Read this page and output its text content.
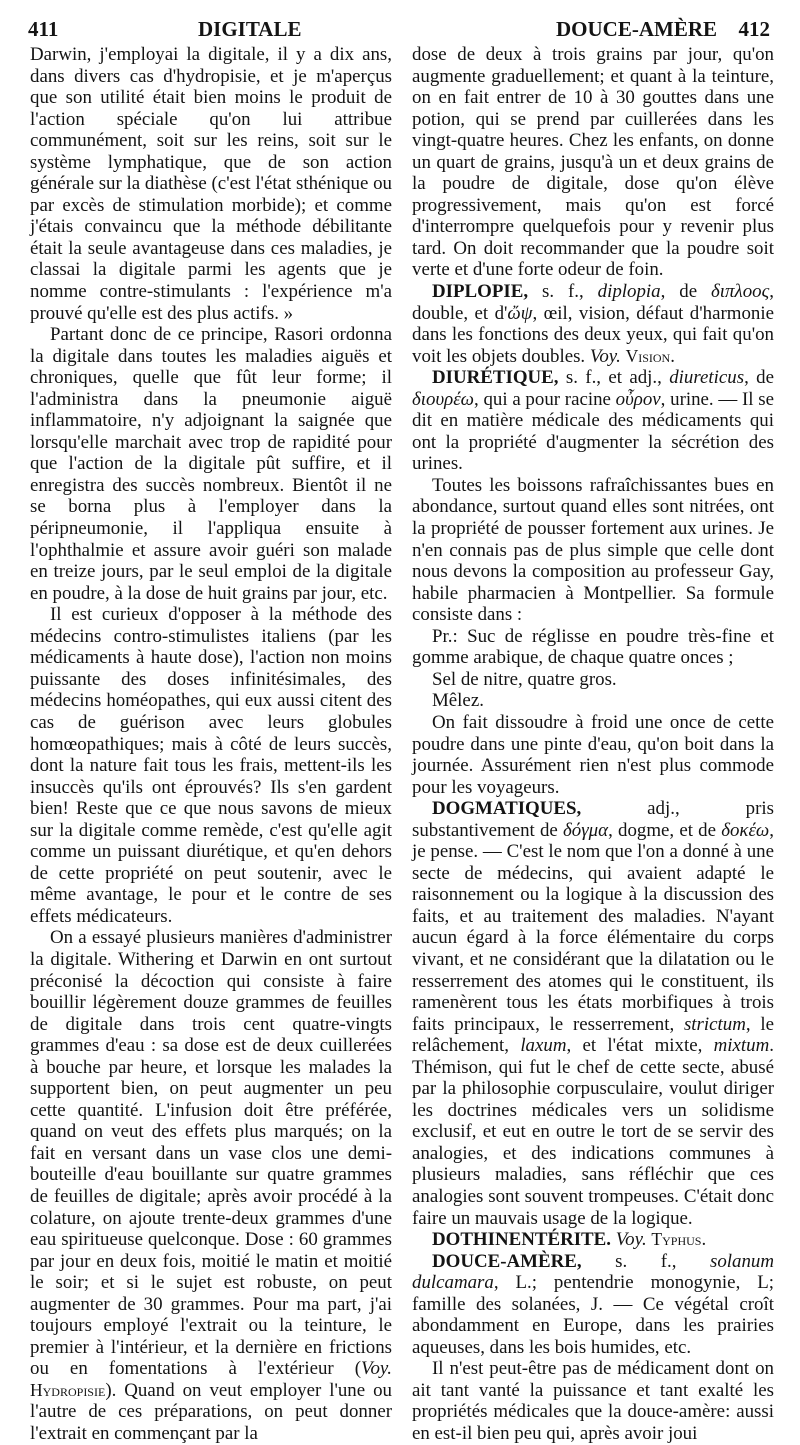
411	DIGITALE	DOUCE-AMÈRE 412

Darwin, j'employai la digitale, il y a dix ans, dans divers cas d'hydropisie, et je m'aperçus que son utilité était bien moins le produit de l'action spéciale qu'on lui attribue communément, soit sur les reins, soit sur le système lymphatique, que de son action générale sur la diathèse (c'est l'état sthénique ou par excès de stimulation morbide); et comme j'étais convaincu que la méthode débilitante était la seule avantageuse dans ces maladies, je classai la digitale parmi les agents que je nomme contre-stimulants : l'expérience m'a prouvé qu'elle est des plus actifs. »

Partant donc de ce principe, Rasori ordonna la digitale dans toutes les maladies aiguës et chroniques, quelle que fût leur forme; il l'administra dans la pneumonie aiguë inflammatoire, n'y adjoignant la saignée que lorsqu'elle marchait avec trop de rapidité pour que l'action de la digitale pût suffire, et il enregistra des succès nombreux. Bientôt il ne se borna plus à l'employer dans la péripneumonie, il l'appliqua ensuite à l'ophthalmie et assure avoir guéri son malade en treize jours, par le seul emploi de la digitale en poudre, à la dose de huit grains par jour, etc.

Il est curieux d'opposer à la méthode des médecins contro-stimulistes italiens (par les médicaments à haute dose), l'action non moins puissante des doses infinitésimales, des médecins homéopathes, qui eux aussi citent des cas de guérison avec leurs globules homœopathiques; mais à côté de leurs succès, dont la nature fait tous les frais, mettent-ils les insuccès qu'ils ont éprouvés? Ils s'en gardent bien! Reste que ce que nous savons de mieux sur la digitale comme remède, c'est qu'elle agit comme un puissant diurétique, et qu'en dehors de cette propriété on peut soutenir, avec le même avantage, le pour et le contre de ses effets médicateurs.

On a essayé plusieurs manières d'administrer la digitale. Withering et Darwin en ont surtout préconisé la décoction qui consiste à faire bouillir légèrement douze grammes de feuilles de digitale dans trois cent quatre-vingts grammes d'eau : sa dose est de deux cuillerées à bouche par heure, et lorsque les malades la supportent bien, on peut augmenter un peu cette quantité. L'infusion doit être préférée, quand on veut des effets plus marqués; on la fait en versant dans un vase clos une demi-bouteille d'eau bouillante sur quatre grammes de feuilles de digitale; après avoir procédé à la colature, on ajoute trente-deux grammes d'une eau spiritueuse quelconque. Dose : 60 grammes par jour en deux fois, moitié le matin et moitié le soir; et si le sujet est robuste, on peut augmenter de 30 grammes. Pour ma part, j'ai toujours employé l'extrait ou la teinture, le premier à l'intérieur, et la dernière en frictions ou en fomentations à l'extérieur (Voy. Hydropisie). Quand on veut employer l'une ou l'autre de ces préparations, on peut donner l'extrait en commençant par la

dose de deux à trois grains par jour, qu'on augmente graduellement; et quant à la teinture, on en fait entrer de 10 à 30 gouttes dans une potion, qui se prend par cuillerées dans les vingt-quatre heures. Chez les enfants, on donne un quart de grains, jusqu'à un et deux grains de la poudre de digitale, dose qu'on élève progressivement, mais qu'on est forcé d'interrompre quelquefois pour y revenir plus tard. On doit recommander que la poudre soit verte et d'une forte odeur de foin.

DIPLOPIE, s. f., diplopia, de διπλοος, double, et d'ὤψ, œil, vision, défaut d'harmonie dans les fonctions des deux yeux, qui fait qu'on voit les objets doubles. Voy. Vision.

DIURÉTIQUE, s. f., et adj., diureticus, de διουρέω, qui a pour racine οὖρον, urine. — Il se dit en matière médicale des médicaments qui ont la propriété d'augmenter la sécrétion des urines.

Toutes les boissons rafraîchissantes bues en abondance, surtout quand elles sont nitrées, ont la propriété de pousser fortement aux urines. Je n'en connais pas de plus simple que celle dont nous devons la composition au professeur Gay, habile pharmacien à Montpellier. Sa formule consiste dans :

Pr.: Suc de réglisse en poudre très-fine et gomme arabique, de chaque quatre onces ;

Sel de nitre, quatre gros.

Mêlez.

On fait dissoudre à froid une once de cette poudre dans une pinte d'eau, qu'on boit dans la journée. Assurément rien n'est plus commode pour les voyageurs.

DOGMATIQUES, adj., pris substantivement de δόγμα, dogme, et de δοκέω, je pense. — C'est le nom que l'on a donné à une secte de médecins, qui avaient adapté le raisonnement ou la logique à la discussion des faits, et au traitement des maladies. N'ayant aucun égard à la force élémentaire du corps vivant, et ne considérant que la dilatation ou le resserrement des atomes qui le constituent, ils ramenèrent tous les états morbifiques à trois faits principaux, le resserrement, strictum, le relâchement, laxum, et l'état mixte, mixtum. Thémison, qui fut le chef de cette secte, abusé par la philosophie corpusculaire, voulut diriger les doctrines médicales vers un solidisme exclusif, et eut en outre le tort de se servir des analogies, et des indications communes à plusieurs maladies, sans réfléchir que ces analogies sont souvent trompeuses. C'était donc faire un mauvais usage de la logique.

DOTHINENTÉRITE. Voy. Typhus.

DOUCE-AMÈRE, s. f., solanum dulcamara, L.; pentendrie monogynie, L; famille des solanées, J. — Ce végétal croît abondamment en Europe, dans les prairies aqueuses, dans les bois humides, etc.

Il n'est peut-être pas de médicament dont on ait tant vanté la puissance et tant exalté les propriétés médicales que la douce-amère: aussi en est-il bien peu qui, après avoir joui
